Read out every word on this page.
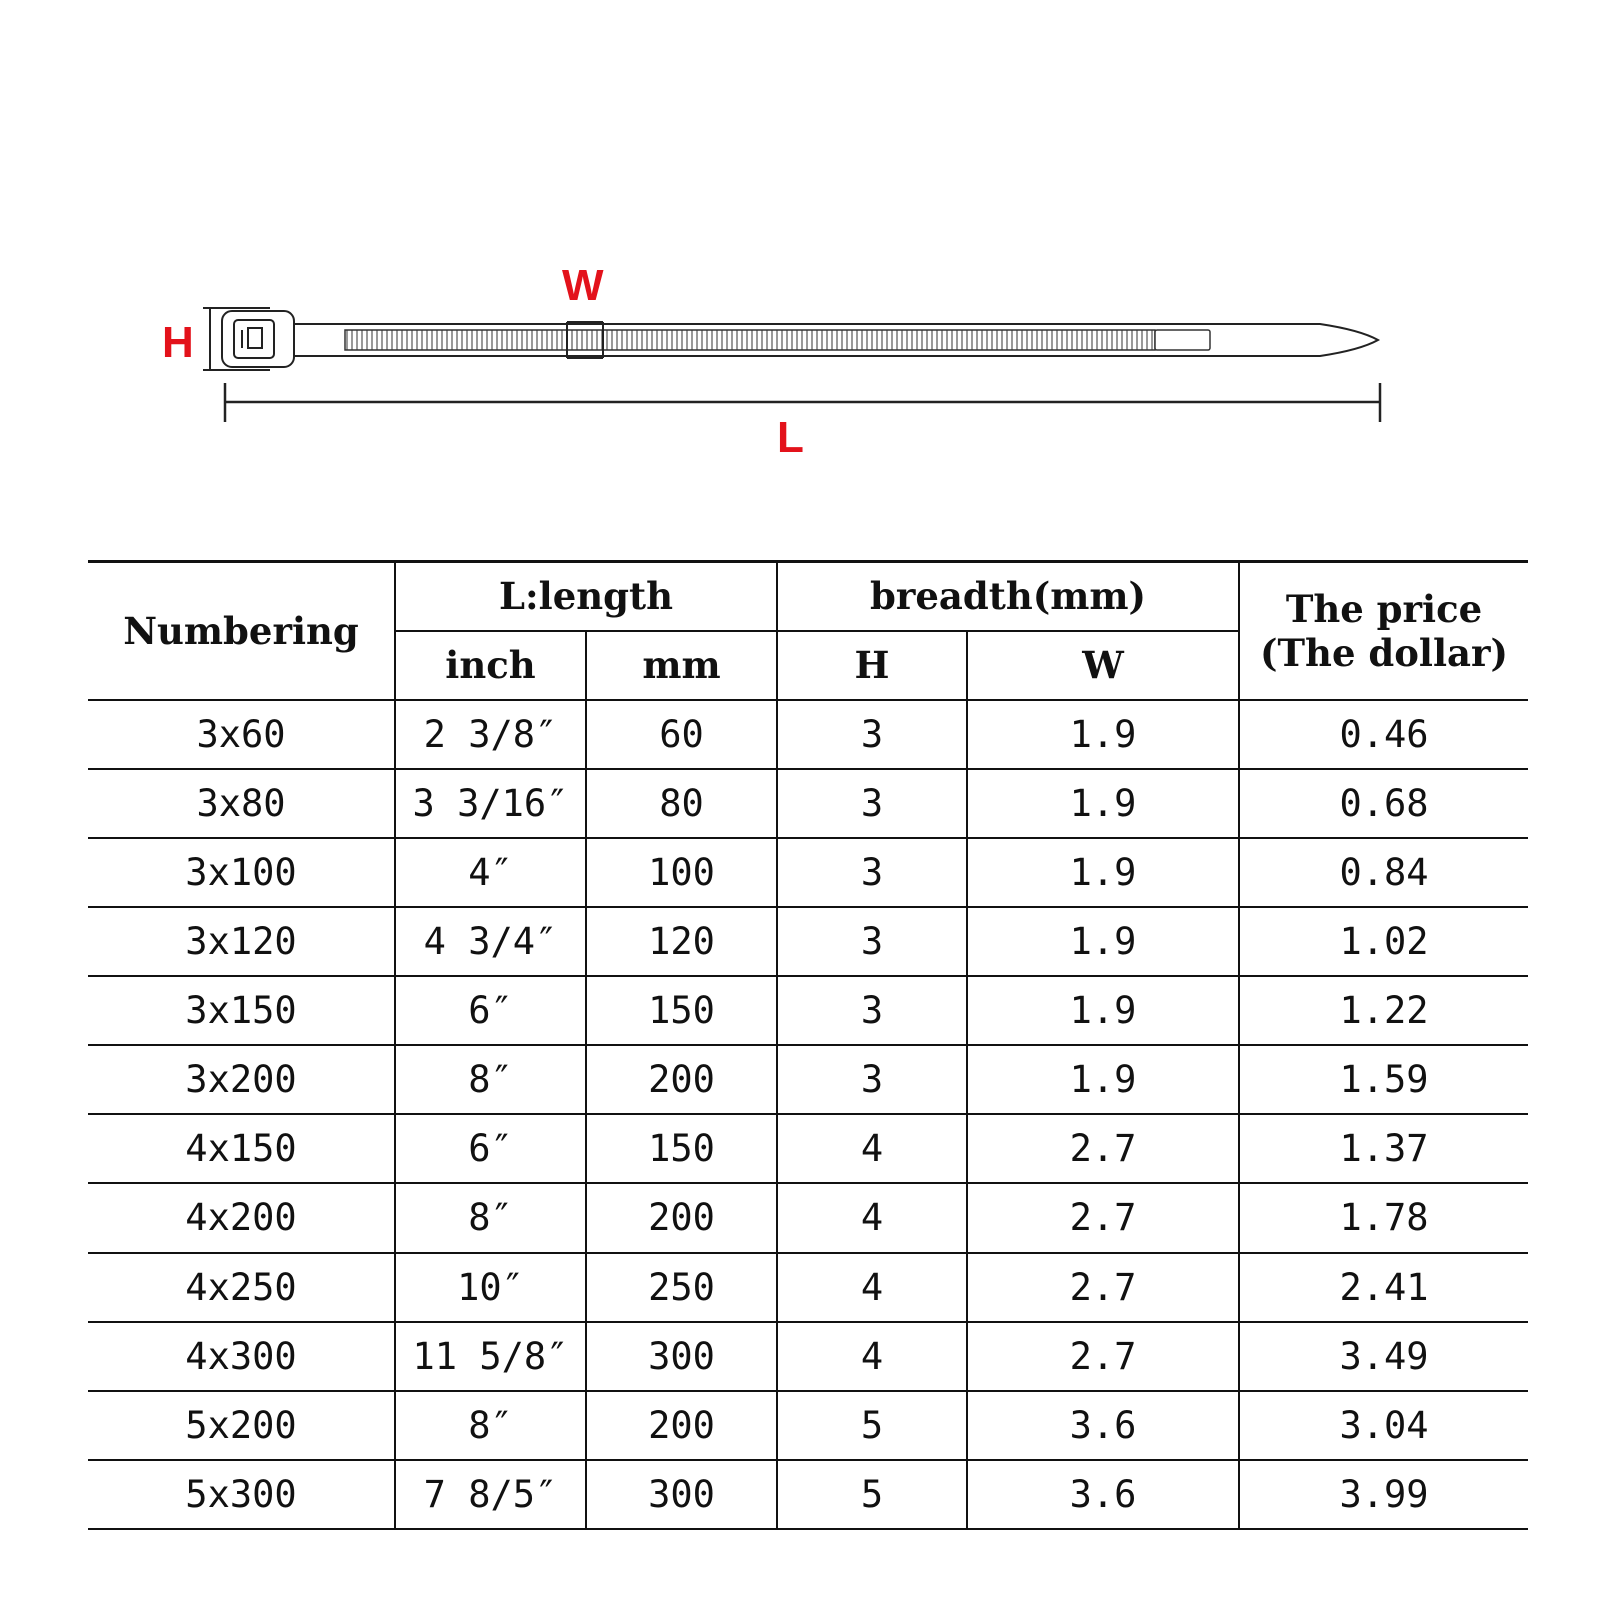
H
W
L
Numbering	L:length		breadth(mm)		The price
(The dollar)

	inch	mm	H	W	
3x60	2 3/8″	60	3	1.9	0.46
3x80	3 3/16″	80	3	1.9	0.68
3x100	4″	100	3	1.9	0.84
3x120	4 3/4″	120	3	1.9	1.02
3x150	6″	150	3	1.9	1.22
3x200	8″	200	3	1.9	1.59
4x150	6″	150	4	2.7	1.37
4x200	8″	200	4	2.7	1.78
4x250	10″	250	4	2.7	2.41
4x300	11 5/8″	300	4	2.7	3.49
5x200	8″	200	5	3.6	3.04
5x300	7 8/5″	300	5	3.6	3.99
